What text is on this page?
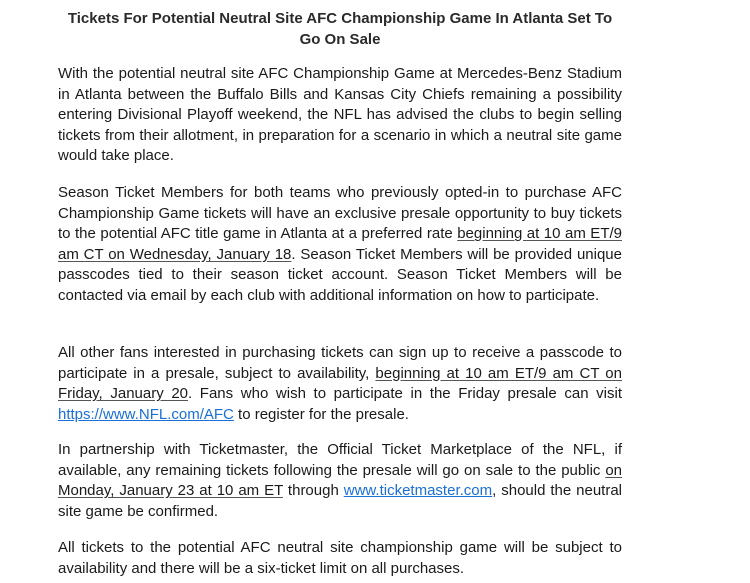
Tickets For Potential Neutral Site AFC Championship Game In Atlanta Set To Go On Sale

With the potential neutral site AFC Championship Game at Mercedes-Benz Stadium in Atlanta between the Buffalo Bills and Kansas City Chiefs remaining a possibility entering Divisional Playoff weekend, the NFL has advised the clubs to begin selling tickets from their allotment, in preparation for a scenario in which a neutral site game would take place.

Season Ticket Members for both teams who previously opted-in to purchase AFC Championship Game tickets will have an exclusive presale opportunity to buy tickets to the potential AFC title game in Atlanta at a preferred rate beginning at 10 am ET/9 am CT on Wednesday, January 18. Season Ticket Members will be provided unique passcodes tied to their season ticket account. Season Ticket Members will be contacted via email by each club with additional information on how to participate.

All other fans interested in purchasing tickets can sign up to receive a passcode to participate in a presale, subject to availability, beginning at 10 am ET/9 am CT on Friday, January 20. Fans who wish to participate in the Friday presale can visit https://www.NFL.com/AFC to register for the presale.

In partnership with Ticketmaster, the Official Ticket Marketplace of the NFL, if available, any remaining tickets following the presale will go on sale to the public on Monday, January 23 at 10 am ET through www.ticketmaster.com, should the neutral site game be confirmed.

All tickets to the potential AFC neutral site championship game will be subject to availability and there will be a six-ticket limit on all purchases.
